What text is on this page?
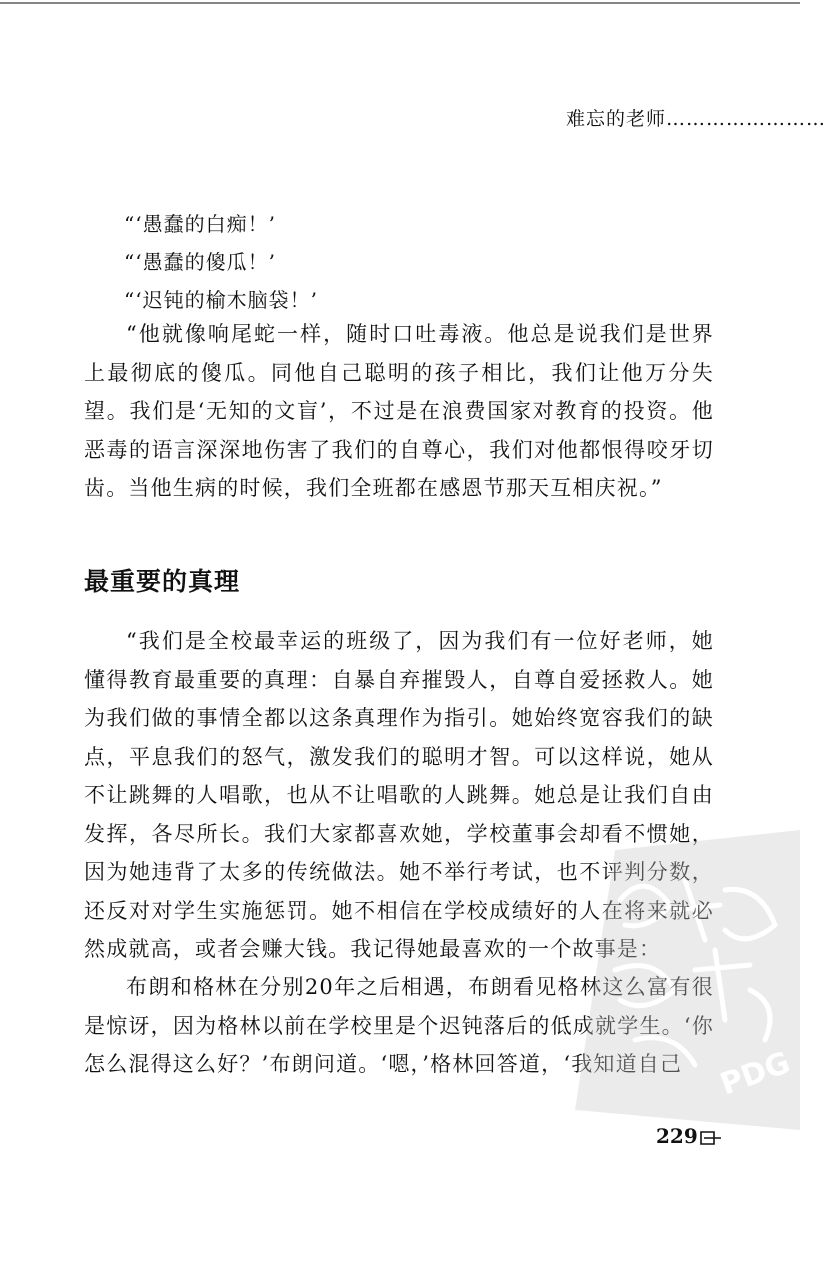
难忘的老师……………………
“‘愚蠢的白痴！’
“‘愚蠢的傻瓜！’
“‘迟钝的榆木脑袋！’
“他就像响尾蛇一样，随时口吐毒液。他总是说我们是世界上最彻底的傻瓜。同他自己聪明的孩子相比，我们让他万分失望。我们是‘无知的文盲’，不过是在浪费国家对教育的投资。他恶毒的语言深深地伤害了我们的自尊心，我们对他都恨得咬牙切齿。当他生病的时候，我们全班都在感恩节那天互相庆祝。”
最重要的真理
“我们是全校最幸运的班级了，因为我们有一位好老师，她懂得教育最重要的真理：自暴自弃摧毁人，自尊自爱拯救人。她为我们做的事情全都以这条真理作为指引。她始终宽容我们的缺点，平息我们的怒气，激发我们的聪明才智。可以这样说，她从不让跳舞的人唱歌，也从不让唱歌的人跳舞。她总是让我们自由发挥，各尽所长。我们大家都喜欢她，学校董事会却看不惯她，因为她违背了太多的传统做法。她不举行考试，也不评判分数，还反对对学生实施惩罚。她不相信在学校成绩好的人在将来就必然成就高，或者会赚大钱。我记得她最喜欢的一个故事是：
布朗和格林在分别20年之后相遇，布朗看见格林这么富有很是惊讶，因为格林以前在学校里是个迟钝落后的低成就学生。‘你怎么混得这么好？’布朗问道。‘嗯，’格林回答道，‘我知道自己
229
PDG
